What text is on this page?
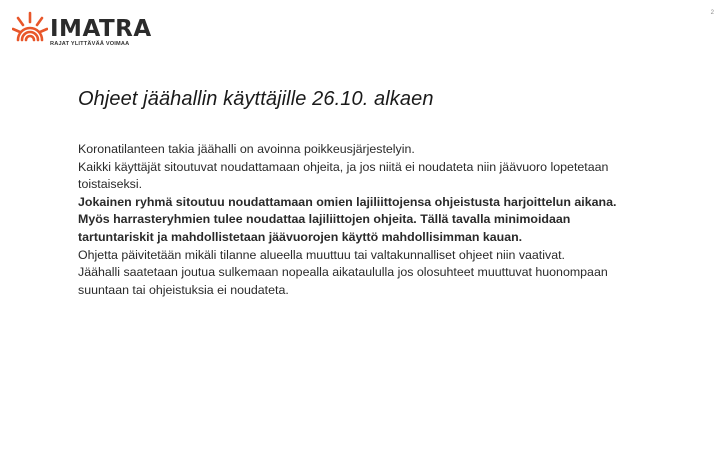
IMATRA
RAJAT YLITTÄVÄÄ VOIMAA
2
Ohjeet jäähallin käyttäjille 26.10. alkaen

Koronatilanteen takia jäähalli on avoinna poikkeusjärjestelyin.

Kaikki käyttäjät sitoutuvat noudattamaan ohjeita, ja jos niitä ei noudateta niin jäävuoro lopetetaan toistaiseksi.

Jokainen ryhmä sitoutuu noudattamaan omien lajiliittojensa ohjeistusta harjoittelun aikana. Myös harrasteryhmien tulee noudattaa lajiliittojen ohjeita. Tällä tavalla minimoidaan tartuntariskit ja mahdollistetaan jäävuorojen käyttö mahdollisimman kauan.

Ohjetta päivitetään mikäli tilanne alueella muuttuu tai valtakunnalliset ohjeet niin vaativat.

Jäähalli saatetaan joutua sulkemaan nopealla aikataululla jos olosuhteet muuttuvat huonompaan suuntaan tai ohjeistuksia ei noudateta.
